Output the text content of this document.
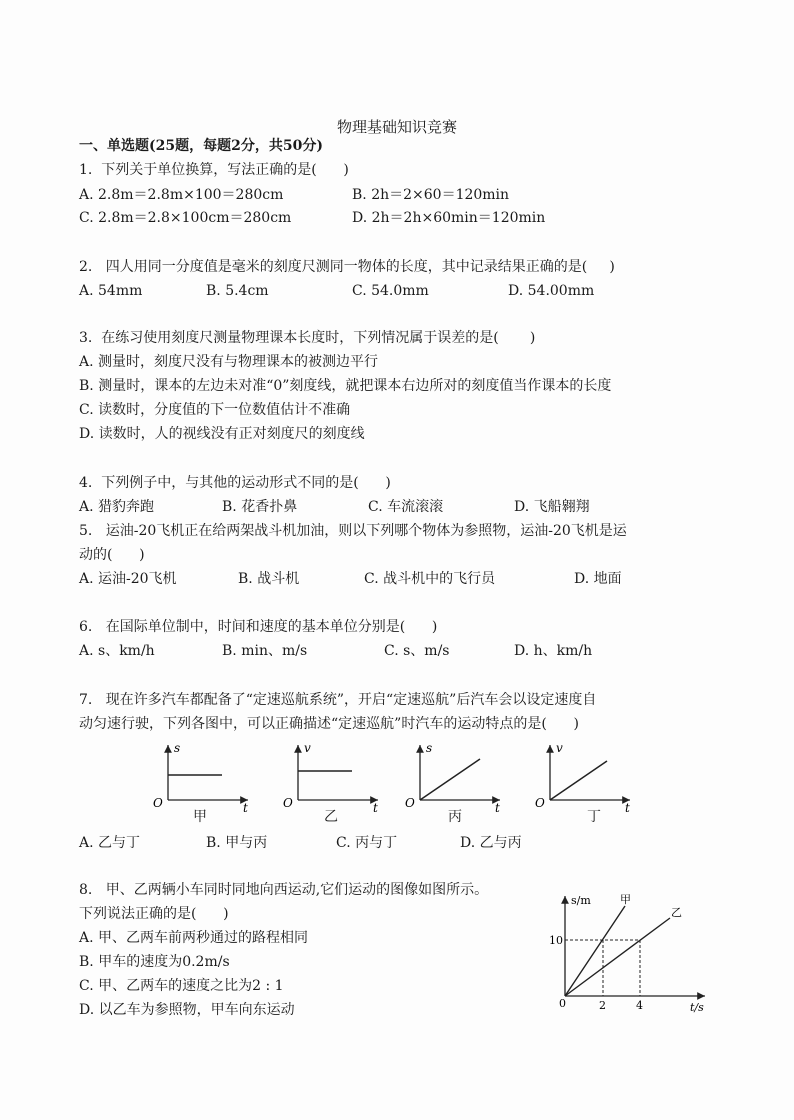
物理基础知识竞赛
一、单选题(25题，每题2分，共50分)
1.  下列关于单位换算，写法正确的是(      )
A. 2.8m＝2.8m×100＝280cm	B. 2h＝2×60＝120min
C. 2.8m＝2.8×100cm＝280cm	D. 2h＝2h×60min＝120min
2.   四人用同一分度值是毫米的刻度尺测同一物体的长度，其中记录结果正确的是(     )
A. 54mm	B. 5.4cm	C. 54.0mm	D. 54.00mm
3.  在练习使用刻度尺测量物理课本长度时，下列情况属于误差的是(       )
A. 测量时，刻度尺没有与物理课本的被测边平行
B. 测量时，课本的左边未对准“0”刻度线，就把课本右边所对的刻度值当作课本的长度
C. 读数时，分度值的下一位数值估计不准确
D. 读数时，人的视线没有正对刻度尺的刻度线
4.  下列例子中，与其他的运动形式不同的是(      )
A. 猎豹奔跑	B. 花香扑鼻	C. 车流滚滚	D. 飞船翱翔
5.   运油-20飞机正在给两架战斗机加油，则以下列哪个物体为参照物，运油-20飞机是运
动的(      )
A. 运油-20飞机	B. 战斗机	C. 战斗机中的飞行员	D. 地面
6.   在国际单位制中，时间和速度的基本单位分别是(      )
A. s、km/h	B. min、m/s	C. s、m/s	D. h、km/h
7.   现在许多汽车都配备了“定速巡航系统”，开启“定速巡航”后汽车会以设定速度自
动匀速行驶，下列各图中，可以正确描述“定速巡航”时汽车的运动特点的是(      )
s
t
O
v
t
O
s
t
O
v
t
O
甲	乙	丙	丁
A. 乙与丁	B. 甲与丙	C. 丙与丁	D. 乙与丙
8.   甲、乙两辆小车同时同地向西运动,它们运动的图像如图所示。
下列说法正确的是(      )
A. 甲、乙两车前两秒通过的路程相同
B. 甲车的速度为0.2m/s
C. 甲、乙两车的速度之比为2 : 1
D. 以乙车为参照物，甲车向东运动
s/m
t/s
0
10
2	4
甲
乙
